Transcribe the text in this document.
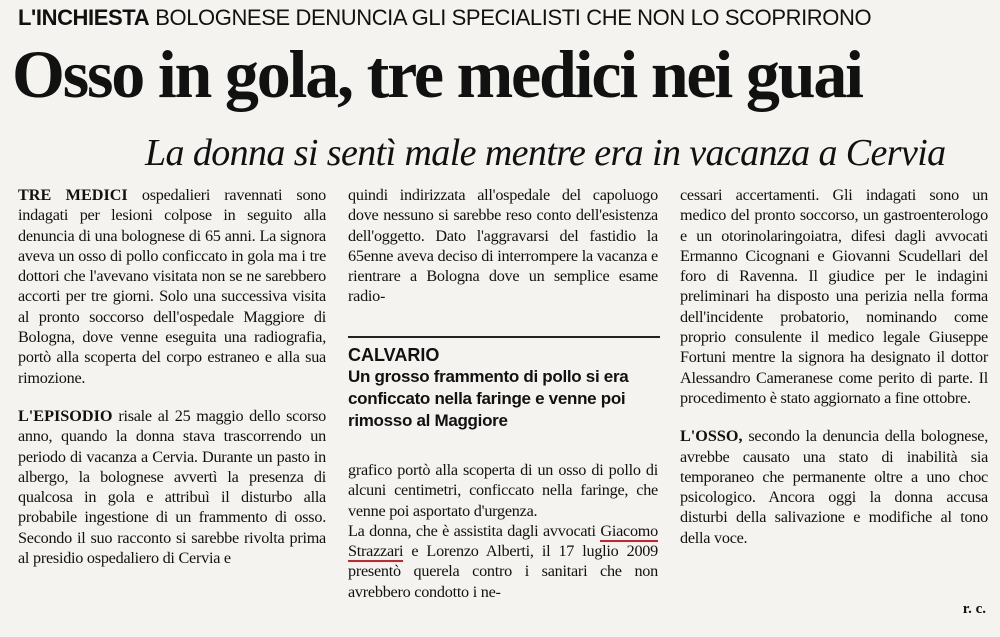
L'INCHIESTA BOLOGNESE DENUNCIA GLI SPECIALISTI CHE NON LO SCOPRIRONO
Osso in gola, tre medici nei guai
La donna si sentì male mentre era in vacanza a Cervia

TRE MEDICI ospedalieri ravennati sono indagati per lesioni colpose in seguito alla denuncia di una bolognese di 65 anni. La signora aveva un osso di pollo conficcato in gola ma i tre dottori che l'avevano visitata non se ne sarebbero accorti per tre giorni. Solo una successiva visita al pronto soccorso dell'ospedale Maggiore di Bologna, dove venne eseguita una radiografia, portò alla scoperta del corpo estraneo e alla sua rimozione.

L'EPISODIO risale al 25 maggio dello scorso anno, quando la donna stava trascorrendo un periodo di vacanza a Cervia. Durante un pasto in albergo, la bolognese avvertì la presenza di qualcosa in gola e attribuì il disturbo alla probabile ingestione di un frammento di osso. Secondo il suo racconto si sarebbe rivolta prima al presidio ospedaliero di Cervia e

quindi indirizzata all'ospedale del capoluogo dove nessuno si sarebbe reso conto dell'esistenza dell'oggetto. Dato l'aggravarsi del fastidio la 65enne aveva deciso di interrompere la vacanza e rientrare a Bologna dove un semplice esame radio-

CALVARIO
Un grosso frammento di pollo si era conficcato nella faringe e venne poi rimosso al Maggiore

grafico portò alla scoperta di un osso di pollo di alcuni centimetri, conficcato nella faringe, che venne poi asportato d'urgenza.

La donna, che è assistita dagli avvocati Giacomo Strazzari e Lorenzo Alberti, il 17 luglio 2009 presentò querela contro i sanitari che non avrebbero condotto i ne-

cessari accertamenti. Gli indagati sono un medico del pronto soccorso, un gastroenterologo e un otorinolaringoiatra, difesi dagli avvocati Ermanno Cicognani e Giovanni Scudellari del foro di Ravenna. Il giudice per le indagini preliminari ha disposto una perizia nella forma dell'incidente probatorio, nominando come proprio consulente il medico legale Giuseppe Fortuni mentre la signora ha designato il dottor Alessandro Cameranese come perito di parte. Il procedimento è stato aggiornato a fine ottobre.

L'OSSO, secondo la denuncia della bolognese, avrebbe causato una stato di inabilità sia temporaneo che permanente oltre a uno choc psicologico. Ancora oggi la donna accusa disturbi della salivazione e modifiche al tono della voce.

r. c.
